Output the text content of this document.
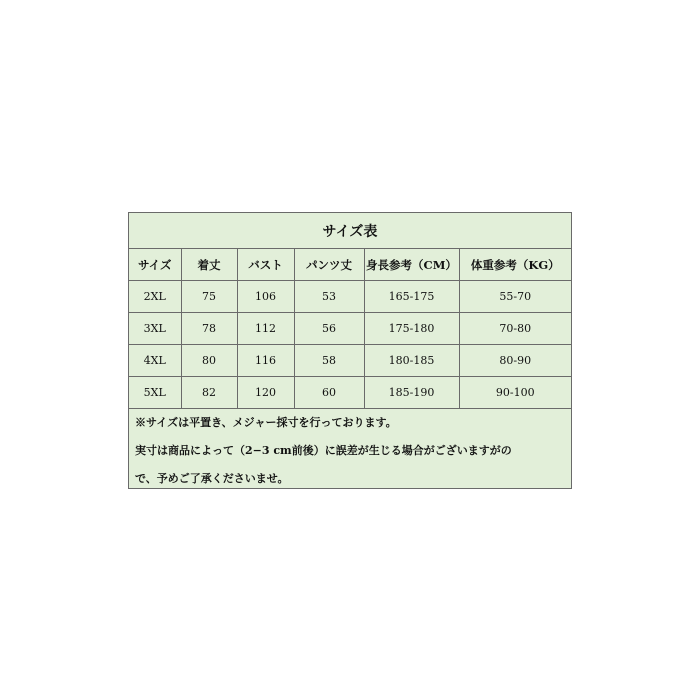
サイズ表
サイズ	着丈	バスト	パンツ丈	身長参考（CM）	体重参考（KG）
2XL	75	106	53	165-175	55-70
3XL	78	112	56	175-180	70-80
4XL	80	116	58	180-185	80-90
5XL	82	120	60	185-190	90-100
※サイズは平置き、メジャー採寸を行っております。
実寸は商品によって（2−3 cm前後）に誤差が生じる場合がございますがの
で、予めご了承くださいませ。
